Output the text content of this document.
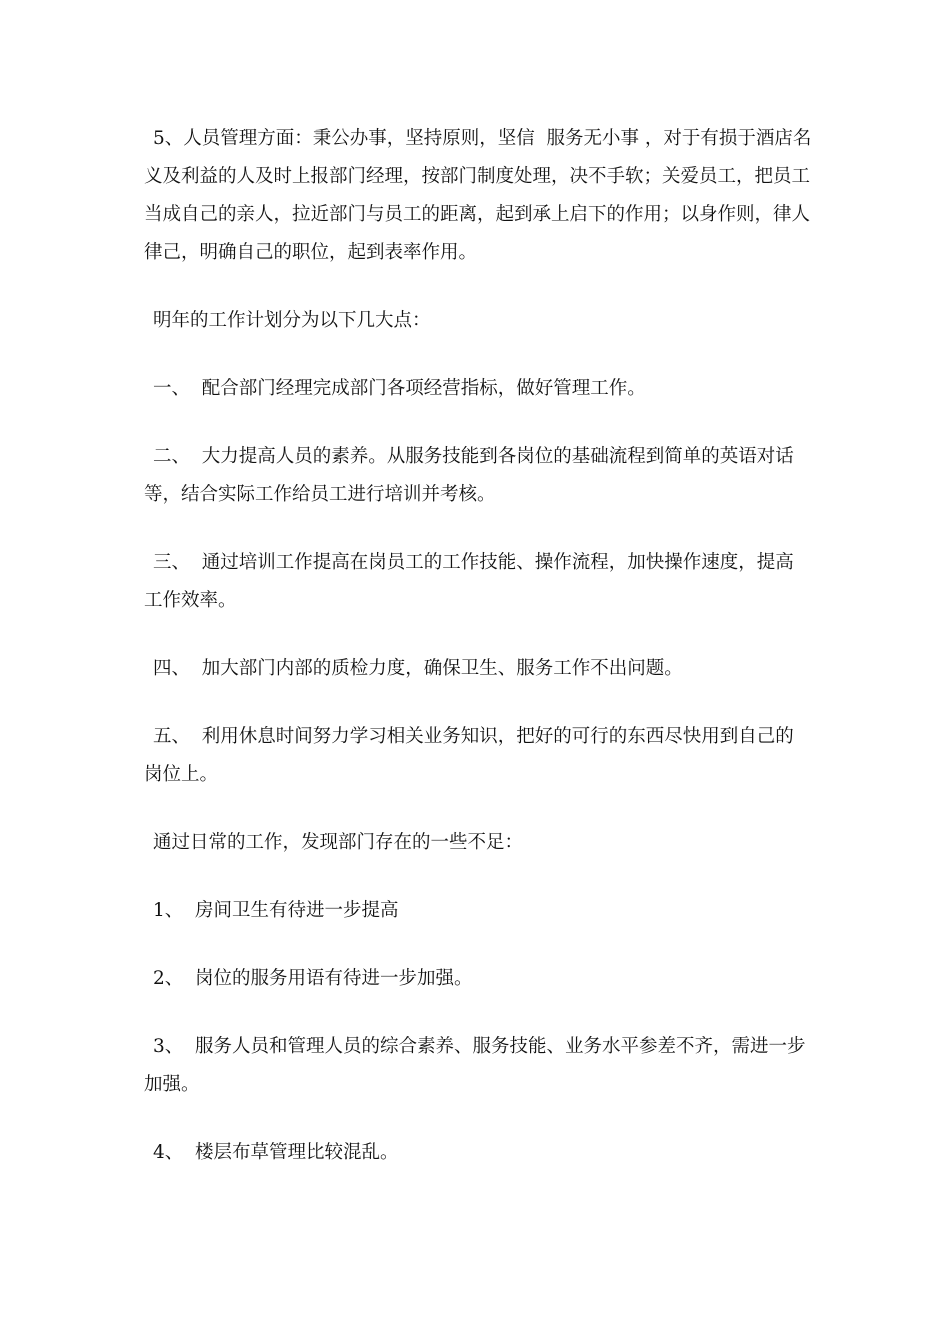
5、人员管理方面：秉公办事，坚持原则，坚信  服务无小事 ，对于有损于酒店名义及利益的人及时上报部门经理，按部门制度处理，决不手软；关爱员工，把员工当成自己的亲人，拉近部门与员工的距离，起到承上启下的作用；以身作则，律人律己，明确自己的职位，起到表率作用。

明年的工作计划分为以下几大点：

一、  配合部门经理完成部门各项经营指标，做好管理工作。

二、  大力提高人员的素养。从服务技能到各岗位的基础流程到简单的英语对话等，结合实际工作给员工进行培训并考核。

三、  通过培训工作提高在岗员工的工作技能、操作流程，加快操作速度，提高工作效率。

四、  加大部门内部的质检力度，确保卫生、服务工作不出问题。

五、  利用休息时间努力学习相关业务知识，把好的可行的东西尽快用到自己的岗位上。

通过日常的工作，发现部门存在的一些不足：

1、  房间卫生有待进一步提高

2、  岗位的服务用语有待进一步加强。

3、  服务人员和管理人员的综合素养、服务技能、业务水平参差不齐，需进一步加强。

4、  楼层布草管理比较混乱。
